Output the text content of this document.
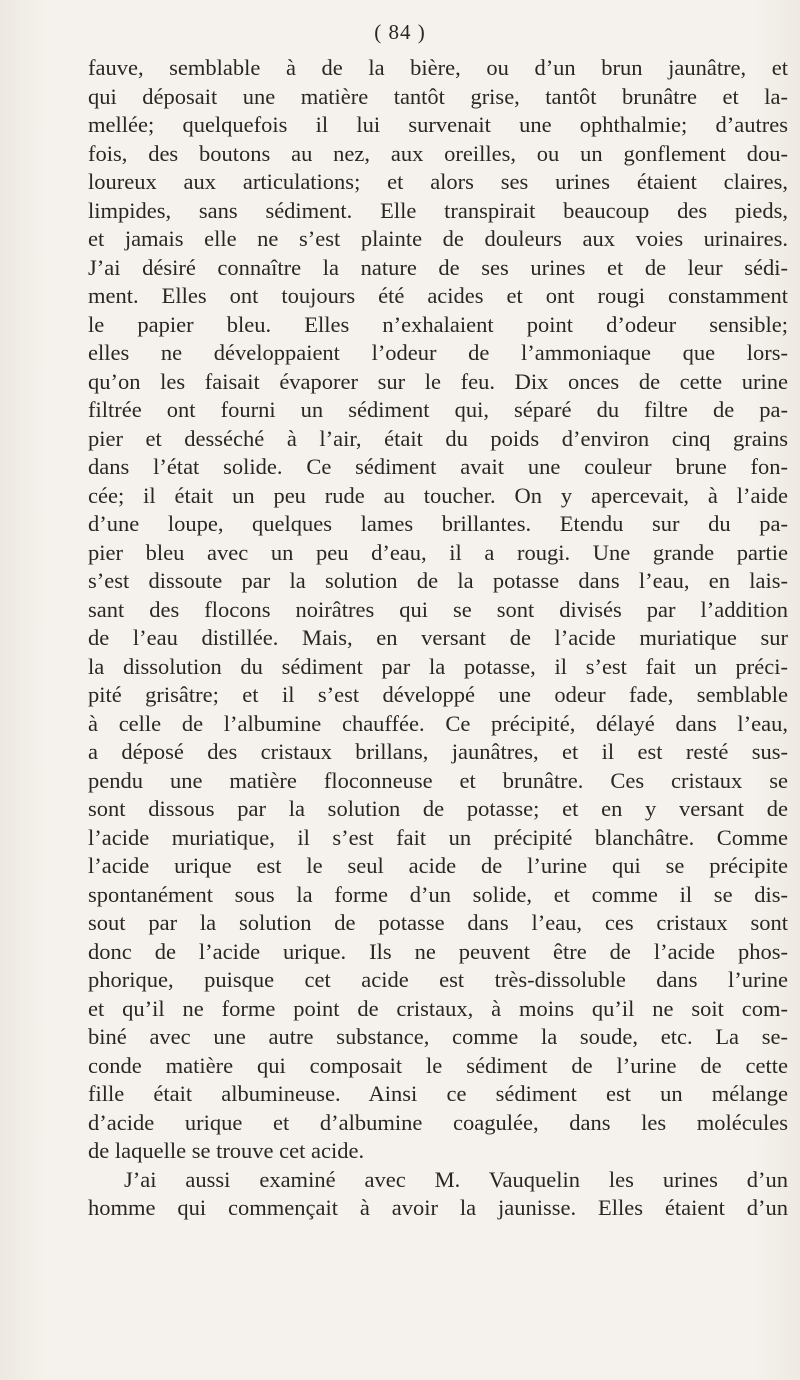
( 84 )
fauve, semblable à de la bière, ou d’un brun jaunâtre, et
qui déposait une matière tantôt grise, tantôt brunâtre et la-
mellée; quelquefois il lui survenait une ophthalmie; d’autres
fois, des boutons au nez, aux oreilles, ou un gonflement dou-
loureux aux articulations; et alors ses urines étaient claires,
limpides, sans sédiment. Elle transpirait beaucoup des pieds,
et jamais elle ne s’est plainte de douleurs aux voies urinaires.
J’ai désiré connaître la nature de ses urines et de leur sédi-
ment. Elles ont toujours été acides et ont rougi constamment
le papier bleu. Elles n’exhalaient point d’odeur sensible;
elles ne développaient l’odeur de l’ammoniaque que lors-
qu’on les faisait évaporer sur le feu. Dix onces de cette urine
filtrée ont fourni un sédiment qui, séparé du filtre de pa-
pier et desséché à l’air, était du poids d’environ cinq grains
dans l’état solide. Ce sédiment avait une couleur brune fon-
cée; il était un peu rude au toucher. On y apercevait, à l’aide
d’une loupe, quelques lames brillantes. Etendu sur du pa-
pier bleu avec un peu d’eau, il a rougi. Une grande partie
s’est dissoute par la solution de la potasse dans l’eau, en lais-
sant des flocons noirâtres qui se sont divisés par l’addition
de l’eau distillée. Mais, en versant de l’acide muriatique sur
la dissolution du sédiment par la potasse, il s’est fait un préci-
pité grisâtre; et il s’est développé une odeur fade, semblable
à celle de l’albumine chauffée. Ce précipité, délayé dans l’eau,
a déposé des cristaux brillans, jaunâtres, et il est resté sus-
pendu une matière floconneuse et brunâtre. Ces cristaux se
sont dissous par la solution de potasse; et en y versant de
l’acide muriatique, il s’est fait un précipité blanchâtre. Comme
l’acide urique est le seul acide de l’urine qui se précipite
spontanément sous la forme d’un solide, et comme il se dis-
sout par la solution de potasse dans l’eau, ces cristaux sont
donc de l’acide urique. Ils ne peuvent être de l’acide phos-
phorique, puisque cet acide est très-dissoluble dans l’urine
et qu’il ne forme point de cristaux, à moins qu’il ne soit com-
biné avec une autre substance, comme la soude, etc. La se-
conde matière qui composait le sédiment de l’urine de cette
fille était albumineuse. Ainsi ce sédiment est un mélange
d’acide urique et d’albumine coagulée, dans les molécules
de laquelle se trouve cet acide.
J’ai aussi examiné avec M. Vauquelin les urines d’un
homme qui commençait à avoir la jaunisse. Elles étaient d’un
